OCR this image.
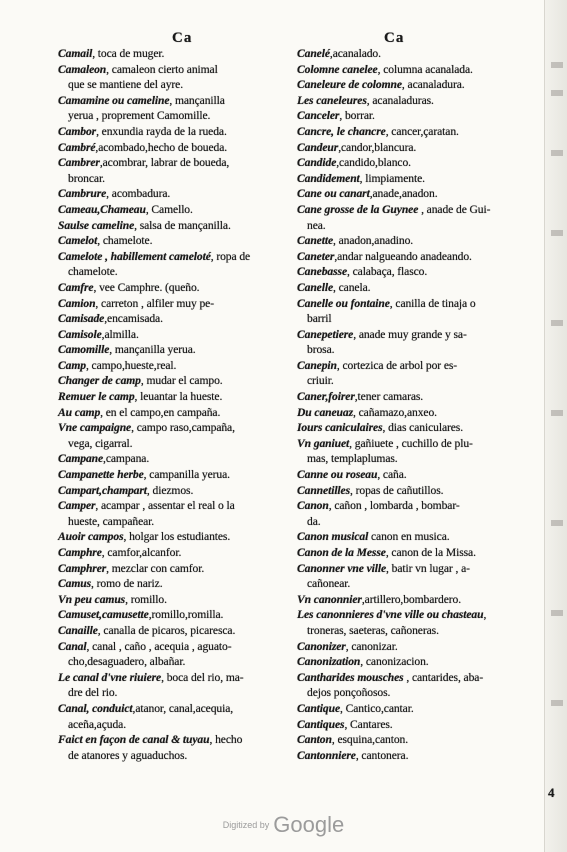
Ca	Ca
Camail, toca de muger.
Camaleon, camaleon cierto animal
que se mantiene del ayre.
Camamine ou cameline, mançanilla
yerua , proprement Camomille.
Cambor, enxundia rayda de la rueda.
Cambré,acombado,hecho de boueda.
Cambrer,acombrar, labrar de boueda,
broncar.
Cambrure, acombadura.
Cameau,Chameau, Camello.
Saulse cameline, salsa de mançanilla.
Camelot, chamelote.
Camelote , habillement cameloté, ropa de
chamelote.
Camfre, vee Camphre. (queño.
Camion, carreton , alfiler muy pe-
Camisade,encamisada.
Camisole,almilla.
Camomille, mançanilla yerua.
Camp, campo,hueste,real.
Changer de camp, mudar el campo.
Remuer le camp, leuantar la hueste.
Au camp, en el campo,en campaña.
Vne campaigne, campo raso,campaña,
vega, cigarral.
Campane,campana.
Campanette herbe, campanilla yerua.
Campart,champart, diezmos.
Camper, acampar , assentar el real o la
hueste, campañear.
Auoir campos, holgar los estudiantes.
Camphre, camfor,alcanfor.
Camphrer, mezclar con camfor.
Camus, romo de nariz.
Vn peu camus, romillo.
Camuset,camusette,romillo,romilla.
Canaille, canalla de picaros, picaresca.
Canal, canal , caño , acequia , aguato-
cho,desaguadero, albañar.
Le canal d'vne riuiere, boca del rio, ma-
dre del rio.
Canal, conduict,atanor, canal,acequia,
aceña,açuda.
Faict en façon de canal & tuyau, hecho
de atanores y aguaduchos.
Canelé,acanalado.
Colomne canelee, columna acanalada.
Caneleure de colomne, acanaladura.
Les caneleures, acanaladuras.
Canceler, borrar.
Cancre, le chancre, cancer,çaratan.
Candeur,candor,blancura.
Candide,candido,blanco.
Candidement, limpiamente.
Cane ou canart,anade,anadon.
Cane grosse de la Guynee , anade de Gui-
nea.
Canette, anadon,anadino.
Caneter,andar nalgueando anadeando.
Canebasse, calabaça, flasco.
Canelle, canela.
Canelle ou fontaine, canilla de tinaja o
barril
Canepetiere, anade muy grande y sa-
brosa.
Canepin, cortezica de arbol por es-
criuir.
Caner,foirer,tener camaras.
Du caneuaz, cañamazo,anxeo.
Iours caniculaires, dias caniculares.
Vn ganiuet, gañiuete , cuchillo de plu-
mas, templaplumas.
Canne ou roseau, caña.
Cannetilles, ropas de cañutillos.
Canon, cañon , lombarda , bombar-
da.
Canon musical canon en musica.
Canon de la Messe, canon de la Missa.
Canonner vne ville, batir vn lugar , a-
cañonear.
Vn canonnier,artillero,bombardero.
Les canonnieres d'vne ville ou chasteau,
troneras, saeteras, cañoneras.
Canonizer, canonizar.
Canonization, canonizacion.
Cantharides mousches , cantarides, aba-
dejos ponçoñosos.
Cantique, Cantico,cantar.
Cantiques, Cantares.
Canton, esquina,canton.
Cantonniere, cantonera.
4
Digitized by Google
